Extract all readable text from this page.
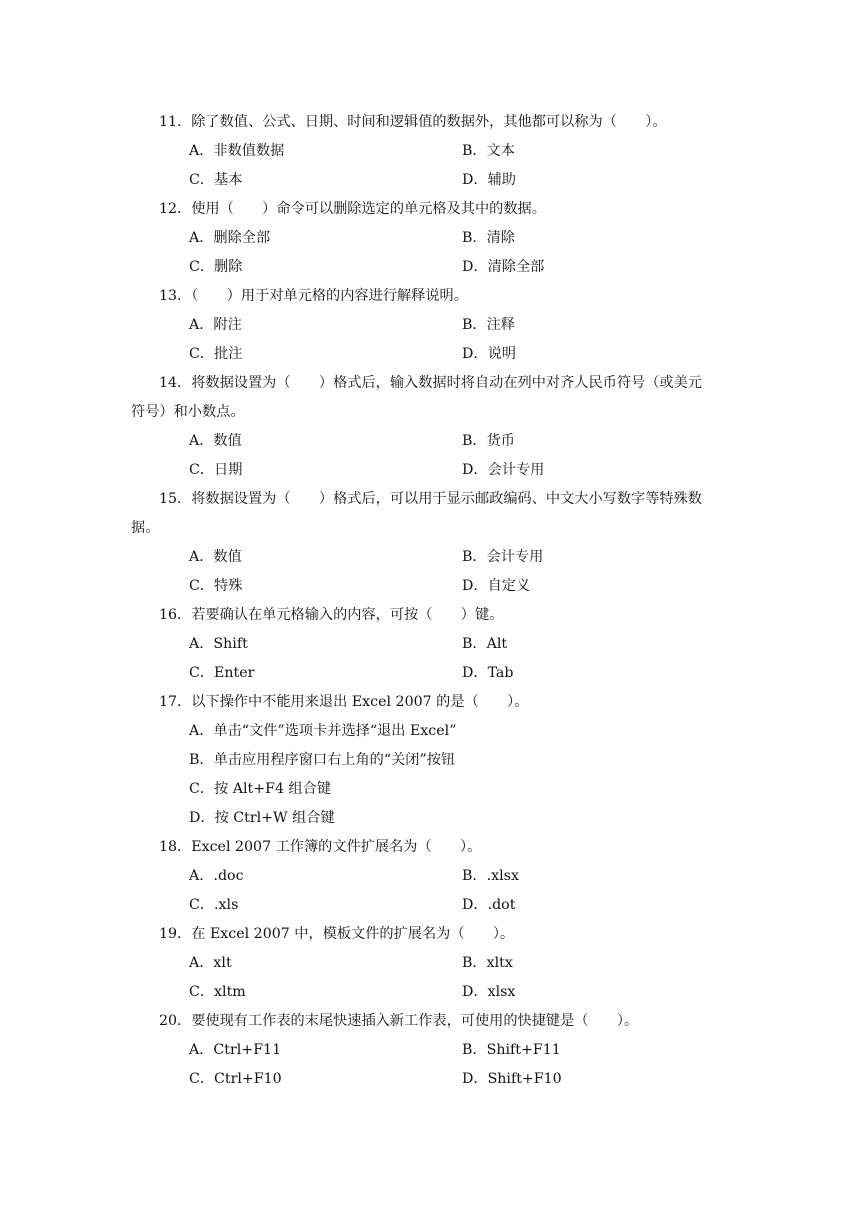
11．除了数值、公式、日期、时间和逻辑值的数据外，其他都可以称为（　　）。
A．非数值数据	B．文本
C．基本	D．辅助
12．使用（　　）命令可以删除选定的单元格及其中的数据。
A．删除全部	B．清除
C．删除	D．清除全部
13．（　　）用于对单元格的内容进行解释说明。
A．附注	B．注释
C．批注	D．说明
14．将数据设置为（　　）格式后，输入数据时将自动在列中对齐人民币符号（或美元
符号）和小数点。
A．数值	B．货币
C．日期	D．会计专用
15．将数据设置为（　　）格式后，可以用于显示邮政编码、中文大小写数字等特殊数
据。
A．数值	B．会计专用
C．特殊	D．自定义
16．若要确认在单元格输入的内容，可按（　　）键。
A．Shift	B．Alt
C．Enter	D．Tab
17．以下操作中不能用来退出 Excel 2007 的是（　　）。
A．单击“文件”选项卡并选择“退出 Excel”
B．单击应用程序窗口右上角的“关闭”按钮
C．按 Alt+F4 组合键
D．按 Ctrl+W 组合键
18．Excel 2007 工作簿的文件扩展名为（　　）。
A．.doc	B．.xlsx
C．.xls	D．.dot
19．在 Excel 2007 中，模板文件的扩展名为（　　）。
A．xlt	B．xltx
C．xltm	D．xlsx
20．要使现有工作表的末尾快速插入新工作表，可使用的快捷键是（　　）。
A．Ctrl+F11	B．Shift+F11
C．Ctrl+F10	D．Shift+F10
